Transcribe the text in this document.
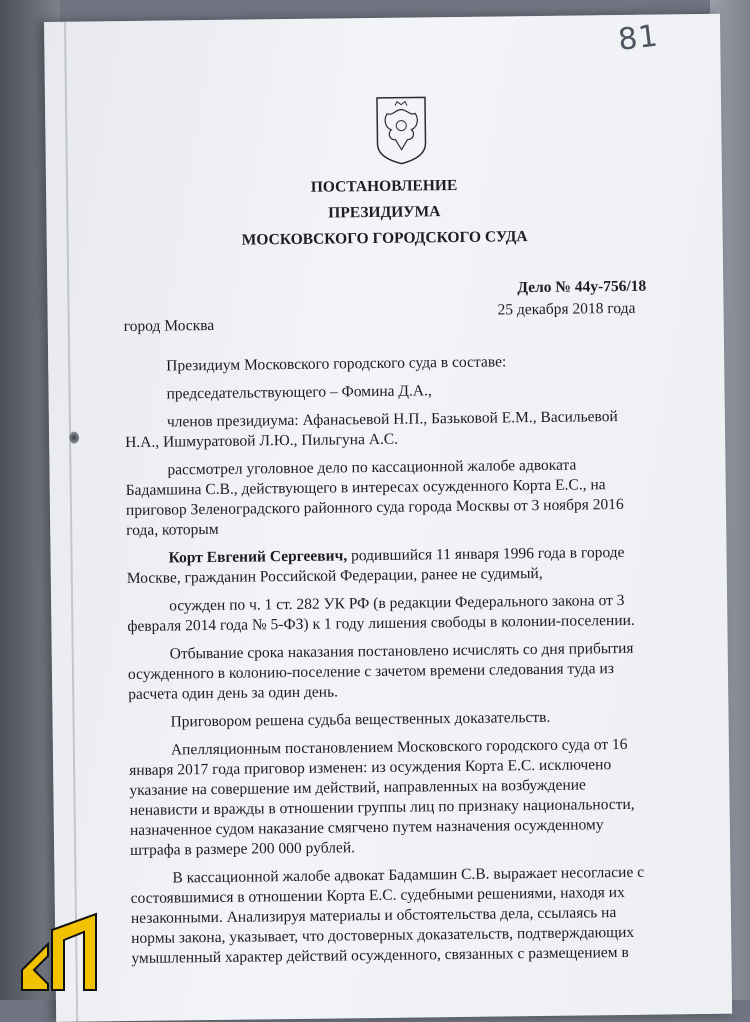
81
ПОСТАНОВЛЕНИЕ
ПРЕЗИДИУМА
МОСКОВСКОГО ГОРОДСКОГО СУДА
Дело № 44у-756/18
25 декабря 2018 года
город Москва
Президиум Московского городского суда в составе:
председательствующего – Фомина Д.А.,
членов президиума: Афанасьевой Н.П., Базьковой Е.М., Васильевой
Н.А., Ишмуратовой Л.Ю., Пильгуна А.С.
рассмотрел уголовное дело по кассационной жалобе адвоката
Бадамшина С.В., действующего в интересах осужденного Корта Е.С., на
приговор Зеленоградского районного суда города Москвы от 3 ноября 2016
года, которым
Корт Евгений Сергеевич, родившийся 11 января 1996 года в городе
Москве, гражданин Российской Федерации, ранее не судимый,
осужден по ч. 1 ст. 282 УК РФ (в редакции Федерального закона от 3
февраля 2014 года № 5-ФЗ) к 1 году лишения свободы в колонии-поселении.
Отбывание срока наказания постановлено исчислять со дня прибытия
осужденного в колонию-поселение с зачетом времени следования туда из
расчета один день за один день.
Приговором решена судьба вещественных доказательств.
Апелляционным постановлением Московского городского суда от 16
января 2017 года приговор изменен: из осуждения Корта Е.С. исключено
указание на совершение им действий, направленных на возбуждение
ненависти и вражды в отношении группы лиц по признаку национальности,
назначенное судом наказание смягчено путем назначения осужденному
штрафа в размере 200 000 рублей.
В кассационной жалобе адвокат Бадамшин С.В. выражает несогласие с
состоявшимися в отношении Корта Е.С. судебными решениями, находя их
незаконными. Анализируя материалы и обстоятельства дела, ссылаясь на
нормы закона, указывает, что достоверных доказательств, подтверждающих
умышленный характер действий осужденного, связанных с размещением в
